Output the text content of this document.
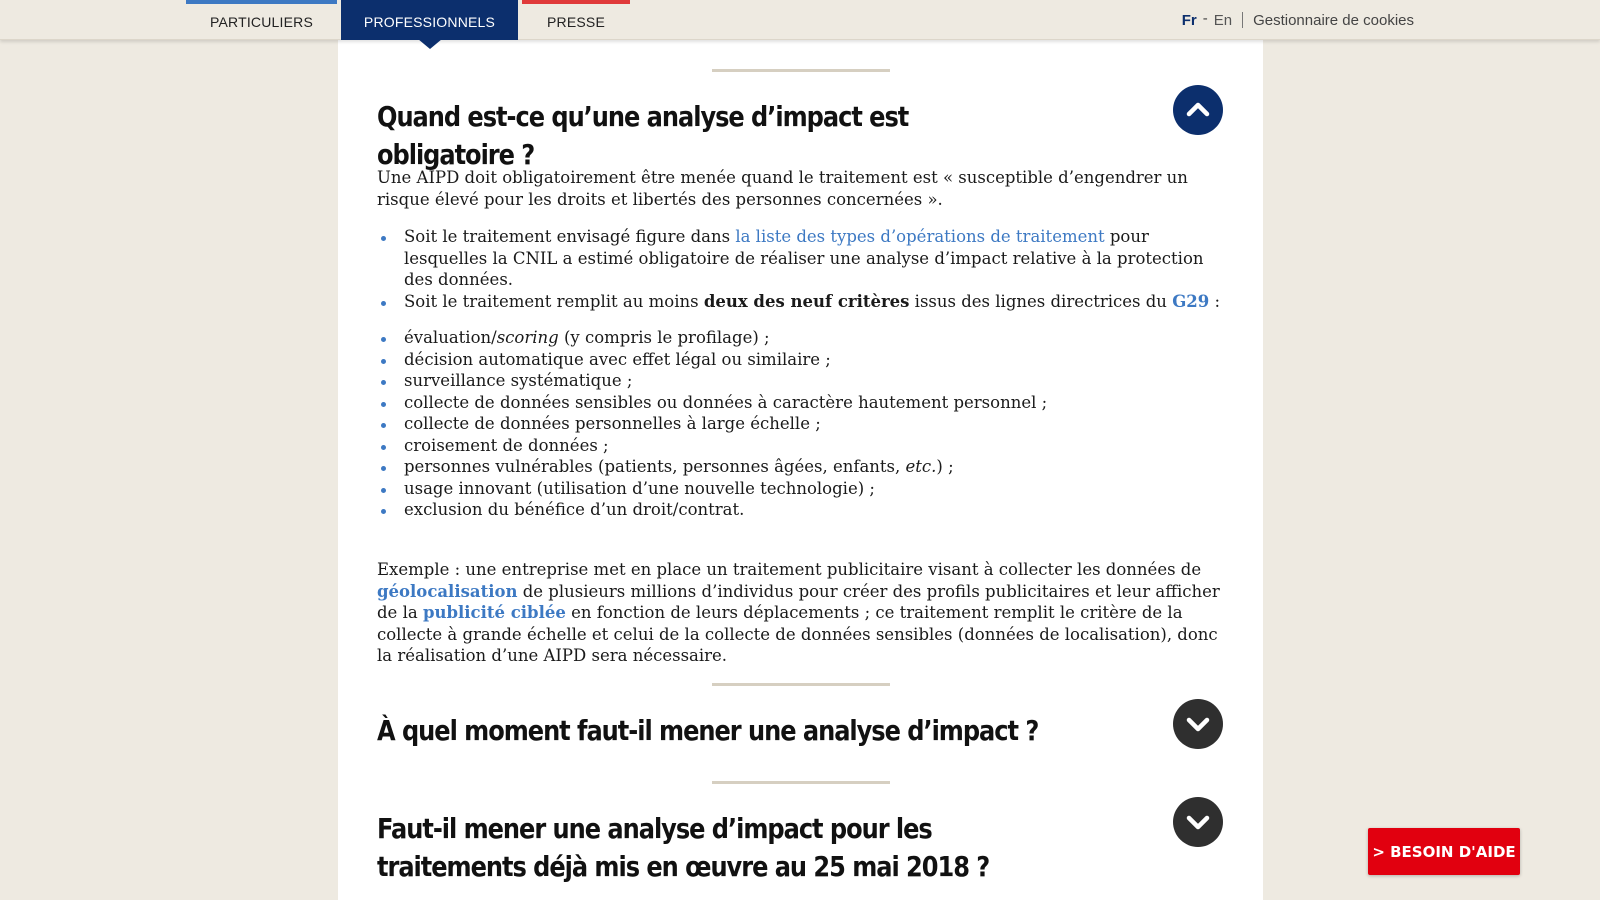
PARTICULIERS	PROFESSIONNELS	PRESSE	Fr - En Gestionnaire de cookies
Quand est-ce qu’une analyse d’impact est obligatoire ?

Une AIPD doit obligatoirement être menée quand le traitement est « susceptible d’engendrer un risque élevé pour les droits et libertés des personnes concernées ».

Soit le traitement envisagé figure dans la liste des types d’opérations de traitement pour lesquelles la CNIL a estimé obligatoire de réaliser une analyse d’impact relative à la protection des données.
Soit le traitement remplit au moins deux des neuf critères issus des lignes directrices du G29 :
évaluation/scoring (y compris le profilage) ;
décision automatique avec effet légal ou similaire ;
surveillance systématique ;
collecte de données sensibles ou données à caractère hautement personnel ;
collecte de données personnelles à large échelle ;
croisement de données ;
personnes vulnérables (patients, personnes âgées, enfants, etc.) ;
usage innovant (utilisation d’une nouvelle technologie) ;
exclusion du bénéfice d’un droit/contrat.

Exemple : une entreprise met en place un traitement publicitaire visant à collecter les données de géolocalisation de plusieurs millions d’individus pour créer des profils publicitaires et leur afficher de la publicité ciblée en fonction de leurs déplacements ; ce traitement remplit le critère de la collecte à grande échelle et celui de la collecte de données sensibles (données de localisation), donc la réalisation d’une AIPD sera nécessaire.

À quel moment faut-il mener une analyse d’impact ?
Faut-il mener une analyse d’impact pour les traitements déjà mis en œuvre au 25 mai 2018 ?	> BESOIN D'AIDE
